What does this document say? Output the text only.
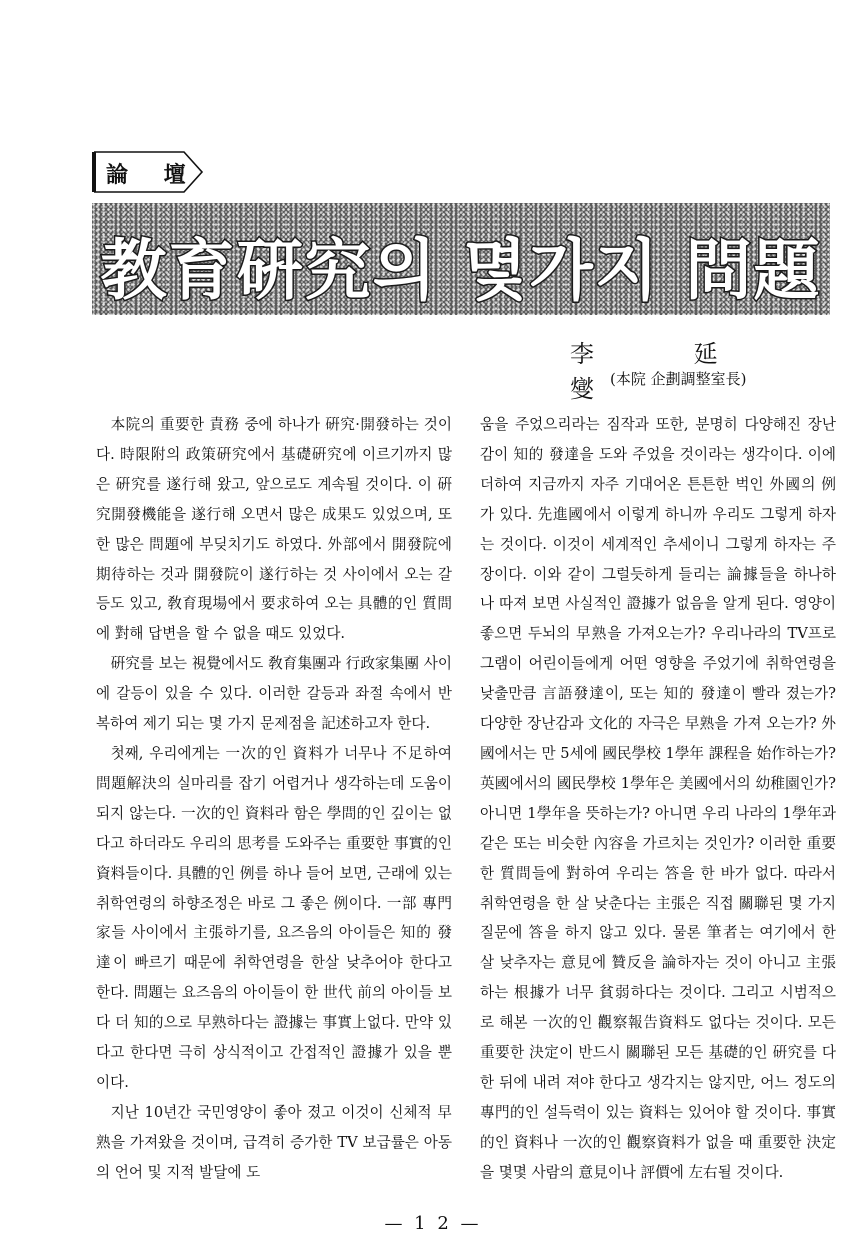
論 壇
教育硏究의 몇가지 問題
李 延 燮
(本院 企劃調整室長)

本院의 重要한 責務 중에 하나가 硏究·開發하는 것이다. 時限附의 政策硏究에서 基礎硏究에 이르기까지 많은 硏究를 遂行해 왔고, 앞으로도 계속될 것이다. 이 硏究開發機能을 遂行해 오면서 많은 成果도 있었으며, 또한 많은 問題에 부딪치기도 하였다. 外部에서 開發院에 期待하는 것과 開發院이 遂行하는 것 사이에서 오는 갈등도 있고, 敎育現場에서 要求하여 오는 具體的인 質問에 對해 답변을 할 수 없을 때도 있었다.

硏究를 보는 視覺에서도 敎育集團과 行政家集團 사이에 갈등이 있을 수 있다. 이러한 갈등과 좌절 속에서 반복하여 제기 되는 몇 가지 문제점을 記述하고자 한다.

첫째, 우리에게는 一次的인 資料가 너무나 不足하여 問題解決의 실마리를 잡기 어렵거나 생각하는데 도움이 되지 않는다. 一次的인 資料라 함은 學問的인 깊이는 없다고 하더라도 우리의 思考를 도와주는 重要한 事實的인 資料들이다. 具體的인 例를 하나 들어 보면, 근래에 있는 취학연령의 하향조정은 바로 그 좋은 例이다. 一部 專門家들 사이에서 主張하기를, 요즈음의 아이들은 知的 發達이 빠르기 때문에 취학연령을 한살 낮추어야 한다고 한다. 問題는 요즈음의 아이들이 한 世代 前의 아이들 보다 더 知的으로 早熟하다는 證據는 事實上없다. 만약 있다고 한다면 극히 상식적이고 간접적인 證據가 있을 뿐이다.

지난 10년간 국민영양이 좋아 졌고 이것이 신체적 早熟을 가져왔을 것이며, 급격히 증가한 TV 보급률은 아동의 언어 및 지적 발달에 도

움을 주었으리라는 짐작과 또한, 분명히 다양해진 장난감이 知的 發達을 도와 주었을 것이라는 생각이다. 이에 더하여 지금까지 자주 기대어온 튼튼한 벅인 外國의 例가 있다. 先進國에서 이렇게 하니까 우리도 그렇게 하자는 것이다. 이것이 세계적인 추세이니 그렇게 하자는 주장이다. 이와 같이 그럴듯하게 들리는 論據들을 하나하나 따져 보면 사실적인 證據가 없음을 알게 된다. 영양이 좋으면 두뇌의 早熟을 가져오는가? 우리나라의 TV프로그램이 어린이들에게 어떤 영향을 주었기에 취학연령을 낮출만큼 言語發達이, 또는 知的 發達이 빨라 졌는가? 다양한 장난감과 文化的 자극은 早熟을 가져 오는가? 外國에서는 만 5세에 國民學校 1學年 課程을 始作하는가? 英國에서의 國民學校 1學年은 美國에서의 幼稚園인가? 아니면 1學年을 뜻하는가? 아니면 우리 나라의 1學年과 같은 또는 비슷한 內容을 가르치는 것인가? 이러한 重要한 質問들에 對하여 우리는 答을 한 바가 없다. 따라서 취학연령을 한 살 낮춘다는 主張은 직접 關聯된 몇 가지 질문에 答을 하지 않고 있다. 물론 筆者는 여기에서 한 살 낮추자는 意見에 贊反을 論하자는 것이 아니고 主張하는 根據가 너무 貧弱하다는 것이다. 그리고 시범적으로 해본 一次的인 觀察報告資料도 없다는 것이다. 모든 重要한 決定이 반드시 關聯된 모든 基礎的인 硏究를 다한 뒤에 내려 져야 한다고 생각지는 않지만, 어느 정도의 專門的인 설득력이 있는 資料는 있어야 할 것이다. 事實的인 資料나 一次的인 觀察資料가 없을 때 重要한 決定을 몇몇 사람의 意見이나 評價에 左右될 것이다.

— 1 2 —
